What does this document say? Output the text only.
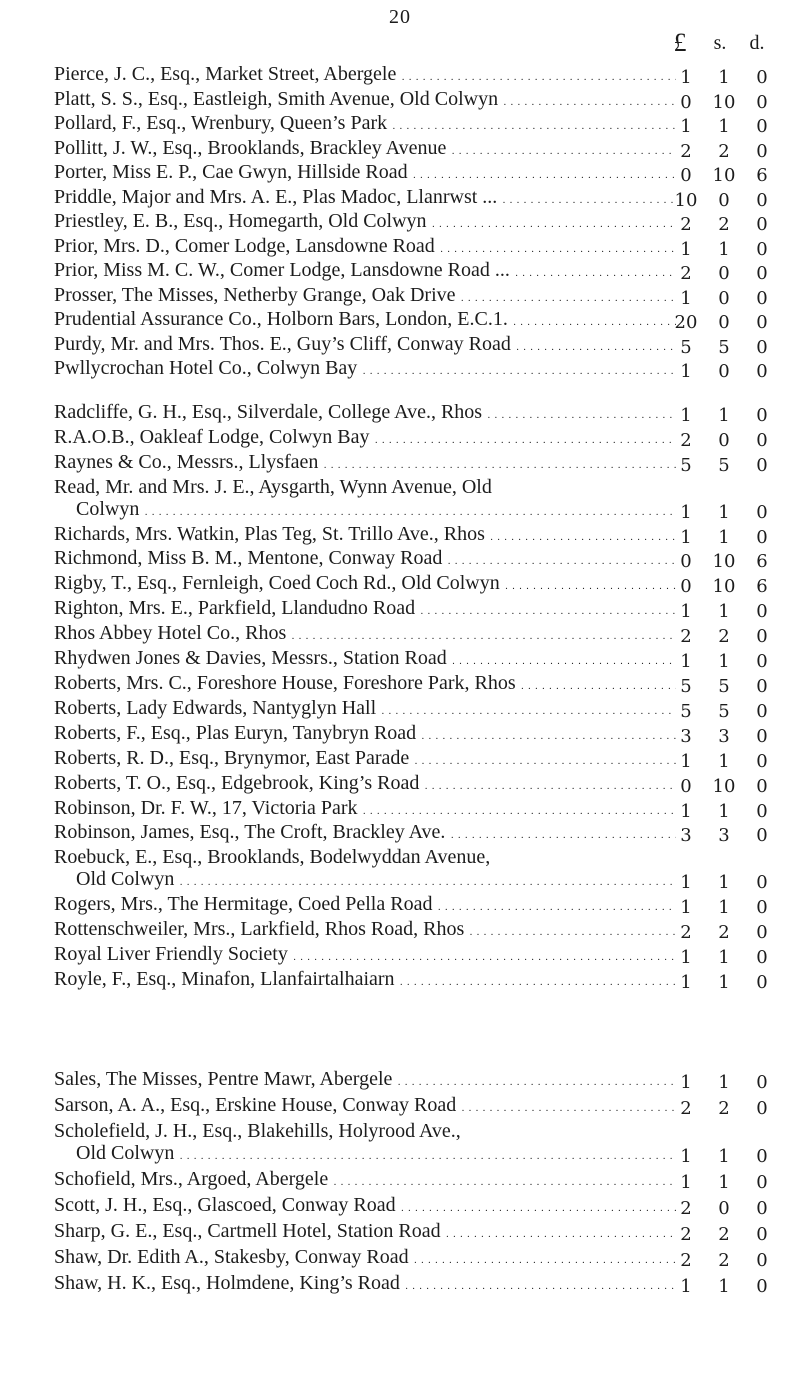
20
£	s.	d.
Pierce, J. C., Esq., Market Street, Abergele . . .	1	1	0
Platt, S. S., Esq., Eastleigh, Smith Avenue, Old Colwyn . . .	0	10	0
Pollard, F., Esq., Wrenbury, Queen’s Park . . .	1	1	0
Pollitt, J. W., Esq., Brooklands, Brackley Avenue . . .	2	2	0
Porter, Miss E. P., Cae Gwyn, Hillside Road . . .	0	10	6
Priddle, Major and Mrs. A. E., Plas Madoc, Llanrwst ... . . .	10	0	0
Priestley, E. B., Esq., Homegarth, Old Colwyn . . .	2	2	0
Prior, Mrs. D., Comer Lodge, Lansdowne Road . . .	1	1	0
Prior, Miss M. C. W., Comer Lodge, Lansdowne Road ... . . .	2	0	0
Prosser, The Misses, Netherby Grange, Oak Drive . . .	1	0	0
Prudential Assurance Co., Holborn Bars, London, E.C.1. . . .	20	0	0
Purdy, Mr. and Mrs. Thos. E., Guy’s Cliff, Conway Road . . .	5	5	0
Pwllycrochan Hotel Co., Colwyn Bay . . .	1	0	0
Radcliffe, G. H., Esq., Silverdale, College Ave., Rhos . . .	1	1	0
R.A.O.B., Oakleaf Lodge, Colwyn Bay . . .	2	0	0
Raynes & Co., Messrs., Llysfaen . . .	5	5	0
Read, Mr. and Mrs. J. E., Aysgarth, Wynn Avenue, Old
Colwyn . . .	1	1	0
Richards, Mrs. Watkin, Plas Teg, St. Trillo Ave., Rhos . . .	1	1	0
Richmond, Miss B. M., Mentone, Conway Road . . .	0	10	6
Rigby, T., Esq., Fernleigh, Coed Coch Rd., Old Colwyn . . .	0	10	6
Righton, Mrs. E., Parkfield, Llandudno Road . . .	1	1	0
Rhos Abbey Hotel Co., Rhos . . .	2	2	0
Rhydwen Jones & Davies, Messrs., Station Road . . .	1	1	0
Roberts, Mrs. C., Foreshore House, Foreshore Park, Rhos . . .	5	5	0
Roberts, Lady Edwards, Nantyglyn Hall . . .	5	5	0
Roberts, F., Esq., Plas Euryn, Tanybryn Road . . .	3	3	0
Roberts, R. D., Esq., Brynymor, East Parade . . .	1	1	0
Roberts, T. O., Esq., Edgebrook, King’s Road . . .	0	10	0
Robinson, Dr. F. W., 17, Victoria Park . . .	1	1	0
Robinson, James, Esq., The Croft, Brackley Ave. . . .	3	3	0
Roebuck, E., Esq., Brooklands, Bodelwyddan Avenue,
Old Colwyn . . .	1	1	0
Rogers, Mrs., The Hermitage, Coed Pella Road . . .	1	1	0
Rottenschweiler, Mrs., Larkfield, Rhos Road, Rhos . . .	2	2	0
Royal Liver Friendly Society . . .	1	1	0
Royle, F., Esq., Minafon, Llanfairtalhaiarn . . .	1	1	0
Sales, The Misses, Pentre Mawr, Abergele . . .	1	1	0
Sarson, A. A., Esq., Erskine House, Conway Road . . .	2	2	0
Scholefield, J. H., Esq., Blakehills, Holyrood Ave.,
Old Colwyn . . .	1	1	0
Schofield, Mrs., Argoed, Abergele . . .	1	1	0
Scott, J. H., Esq., Glascoed, Conway Road . . .	2	0	0
Sharp, G. E., Esq., Cartmell Hotel, Station Road . . .	2	2	0
Shaw, Dr. Edith A., Stakesby, Conway Road . . .	2	2	0
Shaw, H. K., Esq., Holmdene, King’s Road . . .	1	1	0
